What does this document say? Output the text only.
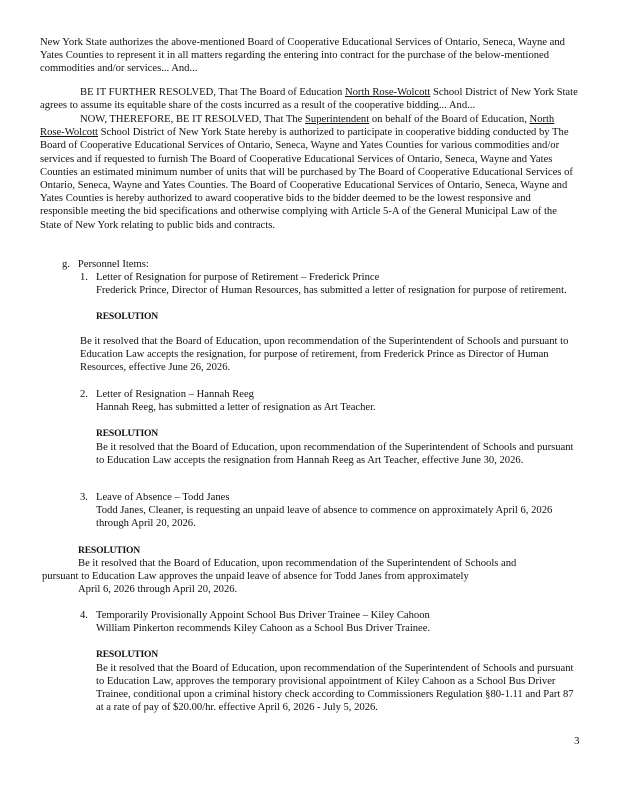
New York State authorizes the above-mentioned Board of Cooperative Educational Services of Ontario, Seneca, Wayne and Yates Counties to represent it in all matters regarding the entering into contract for the purchase of the below-mentioned commodities and/or services... And...

BE IT FURTHER RESOLVED, That The Board of Education North Rose-Wolcott School District of New York State agrees to assume its equitable share of the costs incurred as a result of the cooperative bidding... And...

NOW, THEREFORE, BE IT RESOLVED, That The Superintendent on behalf of the Board of Education, North Rose-Wolcott School District of New York State hereby is authorized to participate in cooperative bidding conducted by The Board of Cooperative Educational Services of Ontario, Seneca, Wayne and Yates Counties for various commodities and/or services and if requested to furnish The Board of Cooperative Educational Services of Ontario, Seneca, Wayne and Yates Counties an estimated minimum number of units that will be purchased by The Board of Cooperative Educational Services of Ontario, Seneca, Wayne and Yates Counties. The Board of Cooperative Educational Services of Ontario, Seneca, Wayne and Yates Counties is hereby authorized to award cooperative bids to the bidder deemed to be the lowest responsive and responsible meeting the bid specifications and otherwise complying with Article 5-A of the General Municipal Law of the State of New York relating to public bids and contracts.

g. Personnel Items:
1. Letter of Resignation for purpose of Retirement – Frederick Prince

Frederick Prince, Director of Human Resources, has submitted a letter of resignation for purpose of retirement.

RESOLUTION

Be it resolved that the Board of Education, upon recommendation of the Superintendent of Schools and pursuant to Education Law accepts the resignation, for purpose of retirement, from Frederick Prince as Director of Human Resources, effective June 26, 2026.

2. Letter of Resignation – Hannah Reeg

Hannah Reeg, has submitted a letter of resignation as Art Teacher.

RESOLUTION

Be it resolved that the Board of Education, upon recommendation of the Superintendent of Schools and pursuant to Education Law accepts the resignation from Hannah Reeg as Art Teacher, effective June 30, 2026.

3. Leave of Absence – Todd Janes

Todd Janes, Cleaner, is requesting an unpaid leave of absence to commence on approximately April 6, 2026 through April 20, 2026.

RESOLUTION
Be it resolved that the Board of Education, upon recommendation of the Superintendent of Schools and
pursuant to Education Law approves the unpaid leave of absence for Todd Janes from approximately
April 6, 2026 through April 20, 2026.
4. Temporarily Provisionally Appoint School Bus Driver Trainee – Kiley Cahoon

William Pinkerton recommends Kiley Cahoon as a School Bus Driver Trainee.

RESOLUTION

Be it resolved that the Board of Education, upon recommendation of the Superintendent of Schools and pursuant to Education Law, approves the temporary provisional appointment of Kiley Cahoon as a School Bus Driver Trainee, conditional upon a criminal history check according to Commissioners Regulation §80-1.11 and Part 87 at a rate of pay of $20.00/hr. effective April 6, 2026 - July 5, 2026.

3
